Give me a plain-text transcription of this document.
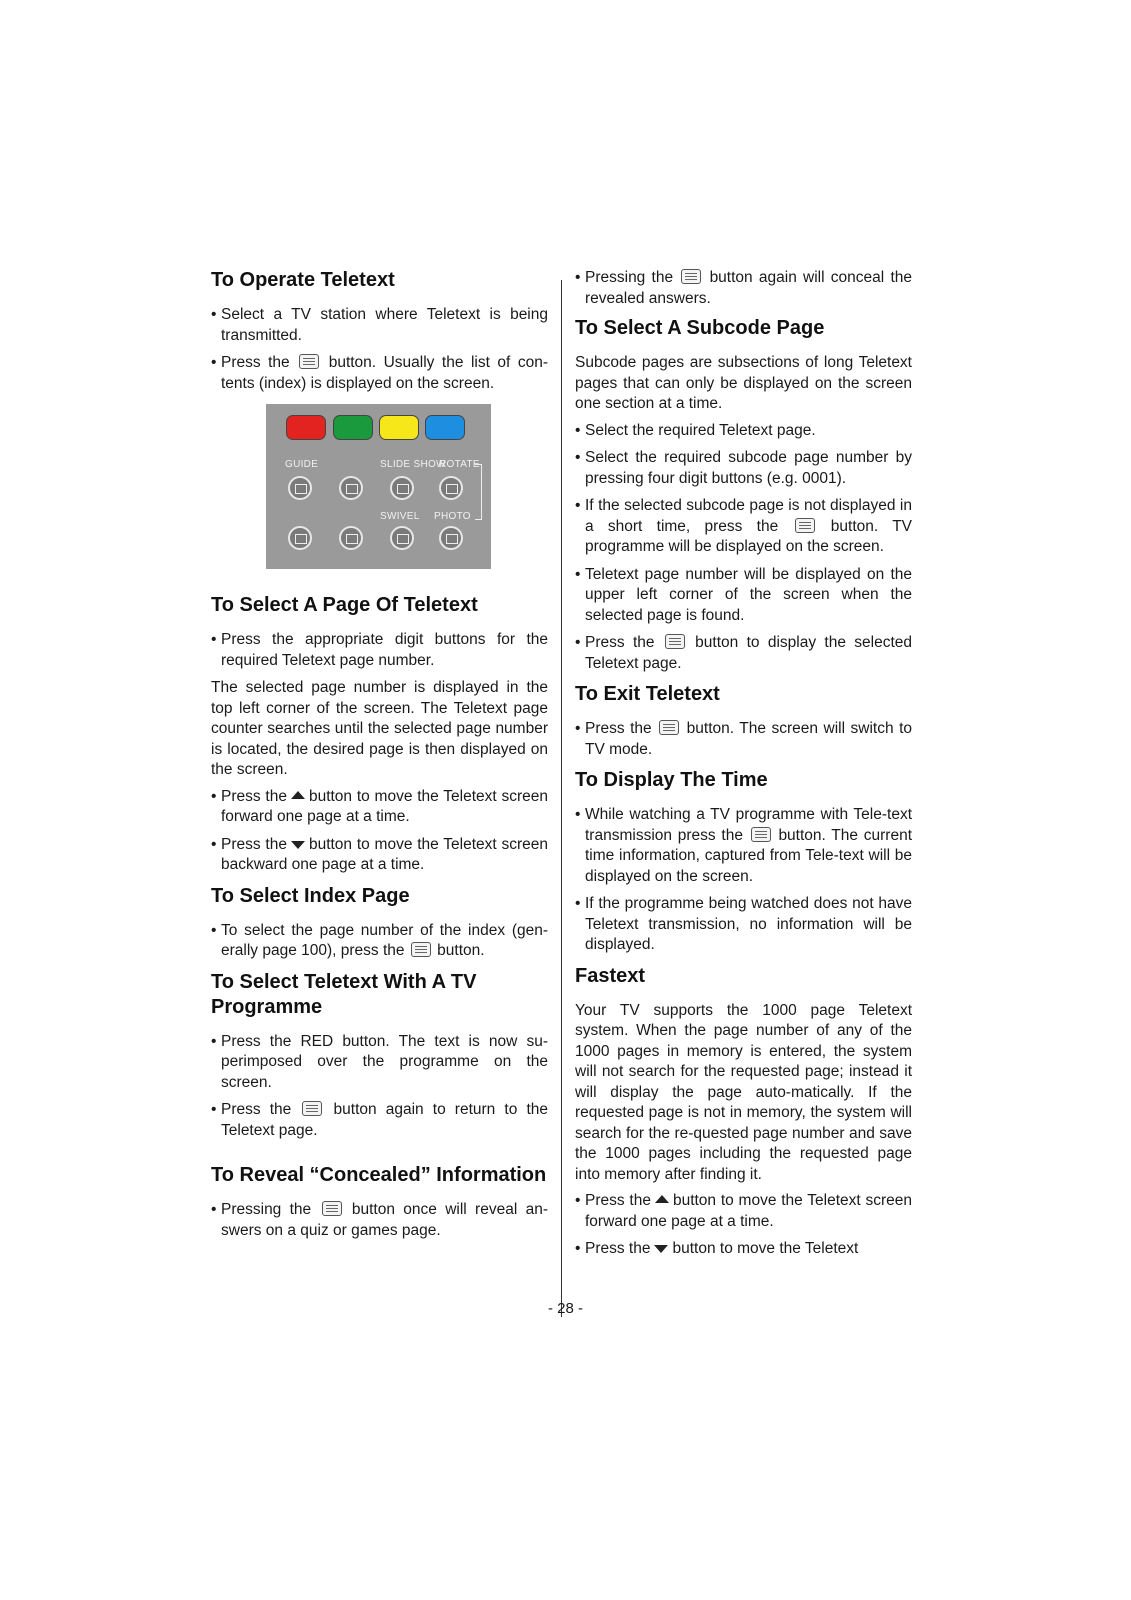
To Operate Teletext
• Select a TV station where Teletext is being transmitted.
• Press the	button. Usually the list of con-tents (index) is displayed on the screen.
GUIDE	SLIDE SHOW
ROTATE
SWIVEL PHOTO
To Select A Page Of Teletext
• Press the appropriate digit buttons for the required Teletext page number.

The selected page number is displayed in the top left corner of the screen. The Teletext page counter searches until the selected page number is located, the desired page is then displayed on the screen.

• Press the button to move the Teletext screen forward one page at a time.
• Press the button to move the Teletext screen backward one page at a time.
To Select Index Page
• To select the page number of the index (gen-erally page 100), press the button.
To Select Teletext With A TV Programme
• Press the RED button. The text is now su-perimposed over the programme on the screen.
• Press the	button again to return to the Teletext page.
To Reveal “Concealed” Information
• Pressing the	button once will reveal an-swers on a quiz or games page.
• Pressing the button again will conceal the revealed answers.
To Select A Subcode Page

Subcode pages are subsections of long Teletext pages that can only be displayed on the screen one section at a time.

• Select the required Teletext page.
• Select the required subcode page number by pressing four digit buttons (e.g. 0001).
• If the selected subcode page is not displayed in a short time, press the	button. TV programme will be displayed on the screen.
• Teletext page number will be displayed on the upper left corner of the screen when the selected page is found.
• Press the	button to display the selected Teletext page.
To Exit Teletext
• Press the button. The screen will switch to TV mode.
To Display The Time
• While watching a TV programme with Tele-text transmission press the button. The current time information, captured from Tele-text will be displayed on the screen.
• If the programme being watched does not have Teletext transmission, no information will be displayed.
Fastext

Your TV supports the 1000 page Teletext system. When the page number of any of the 1000 pages in memory is entered, the system will not search for the requested page; instead it will display the page auto-matically. If the requested page is not in memory, the system will search for the re-quested page number and save the 1000 pages including the requested page into memory after finding it.

• Press the button to move the Teletext screen forward one page at a time.
• Press the button to move the Teletext
- 28 -
